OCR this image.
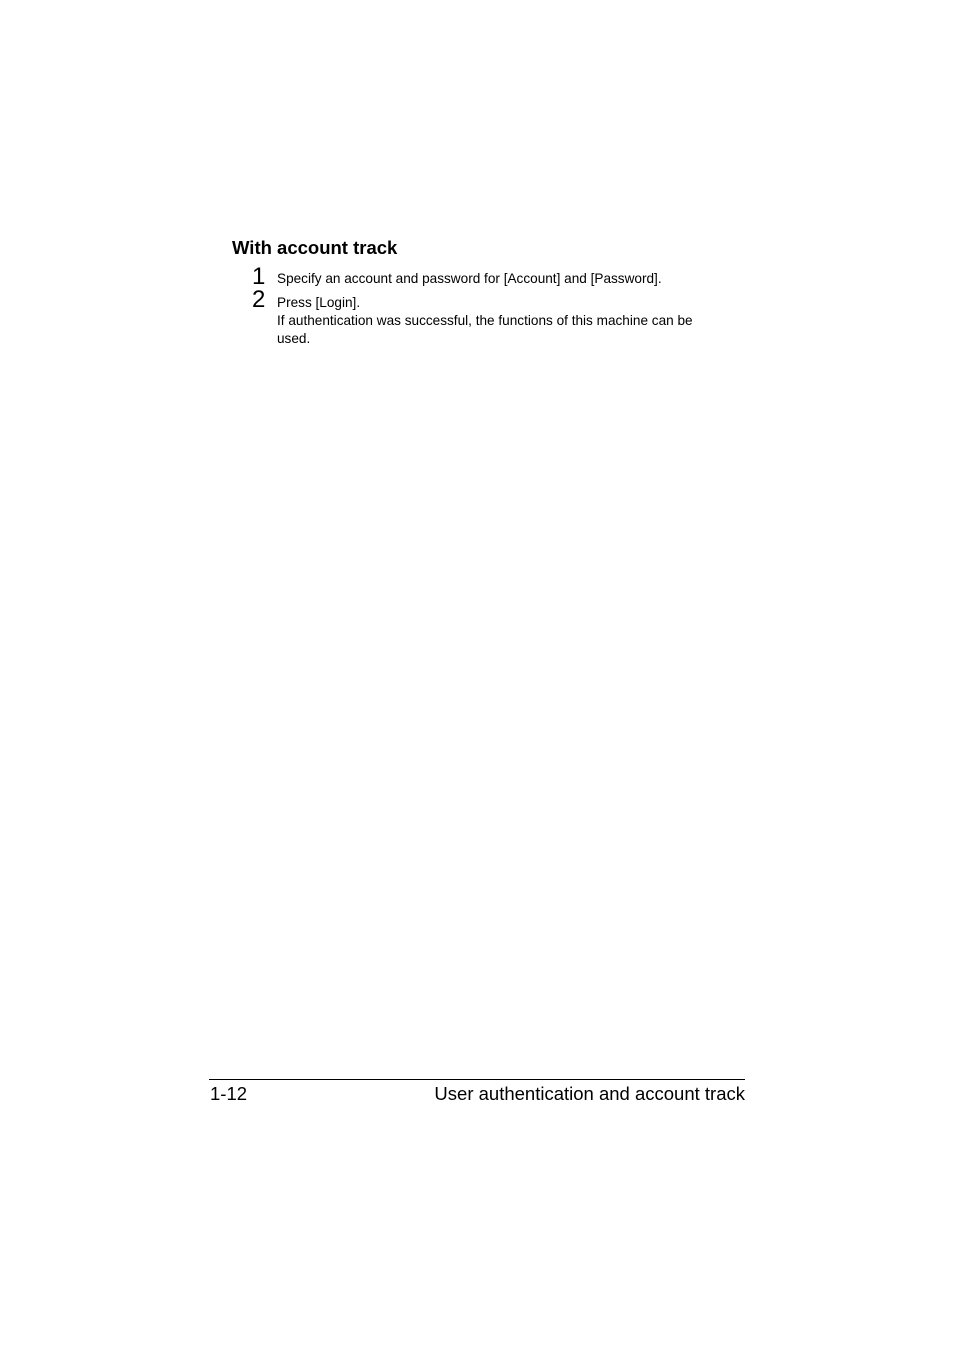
With account track
1 Specify an account and password for [Account] and [Password].
2 Press [Login].
If authentication was successful, the functions of this machine can be
used.
1-12	User authentication and account track
